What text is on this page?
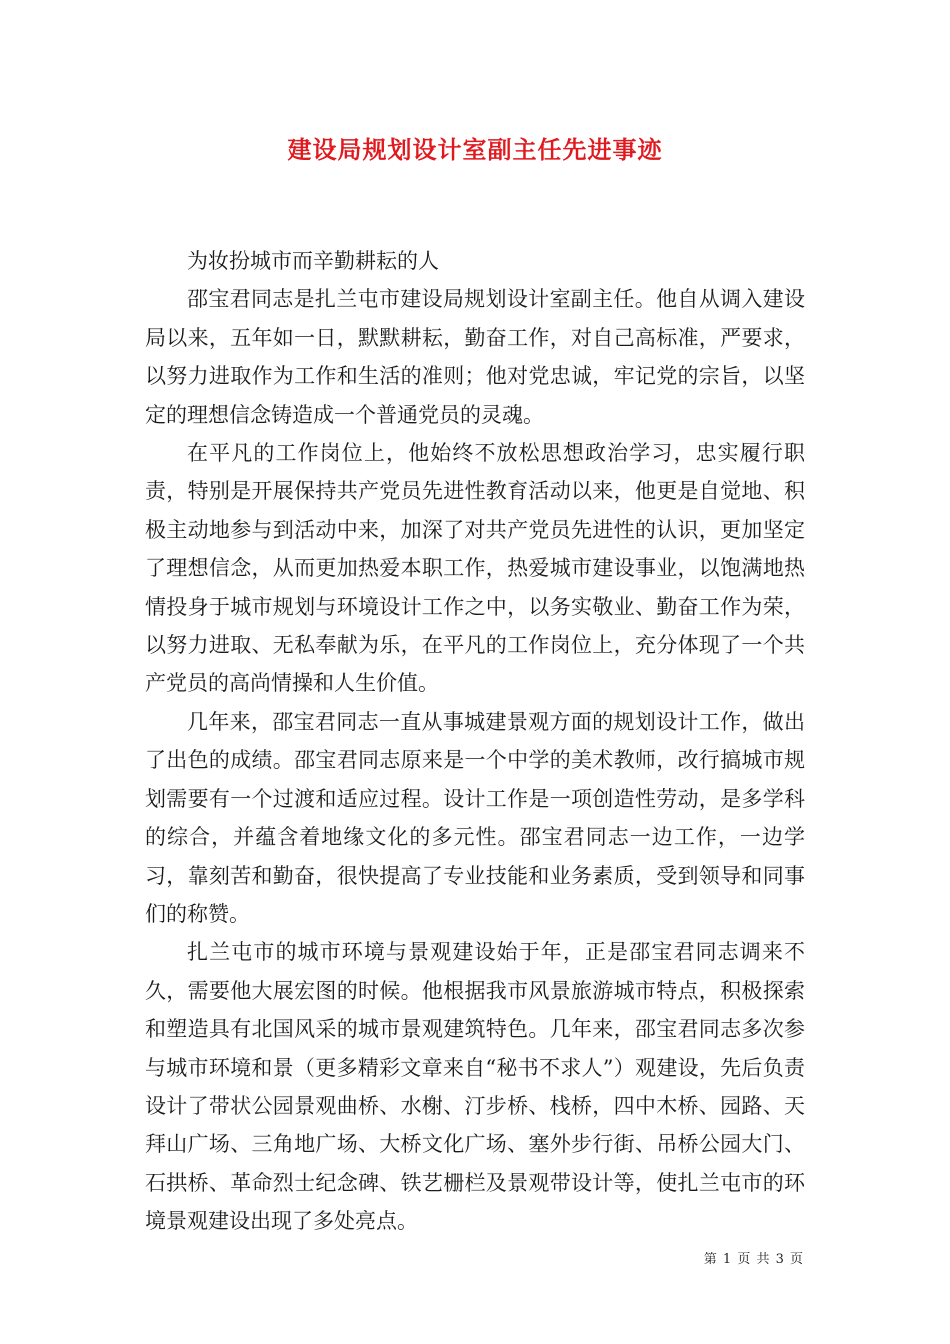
建设局规划设计室副主任先进事迹

为妆扮城市而辛勤耕耘的人

邵宝君同志是扎兰屯市建设局规划设计室副主任。他自从调入建设局以来，五年如一日，默默耕耘，勤奋工作，对自己高标准，严要求，以努力进取作为工作和生活的准则；他对党忠诚，牢记党的宗旨，以坚定的理想信念铸造成一个普通党员的灵魂。

在平凡的工作岗位上，他始终不放松思想政治学习，忠实履行职责，特别是开展保持共产党员先进性教育活动以来，他更是自觉地、积极主动地参与到活动中来，加深了对共产党员先进性的认识，更加坚定了理想信念，从而更加热爱本职工作，热爱城市建设事业，以饱满地热情投身于城市规划与环境设计工作之中，以务实敬业、勤奋工作为荣，以努力进取、无私奉献为乐，在平凡的工作岗位上，充分体现了一个共产党员的高尚情操和人生价值。

几年来，邵宝君同志一直从事城建景观方面的规划设计工作，做出了出色的成绩。邵宝君同志原来是一个中学的美术教师，改行搞城市规划需要有一个过渡和适应过程。设计工作是一项创造性劳动，是多学科的综合，并蕴含着地缘文化的多元性。邵宝君同志一边工作，一边学习，靠刻苦和勤奋，很快提高了专业技能和业务素质，受到领导和同事们的称赞。

扎兰屯市的城市环境与景观建设始于年，正是邵宝君同志调来不久，需要他大展宏图的时候。他根据我市风景旅游城市特点，积极探索和塑造具有北国风采的城市景观建筑特色。几年来，邵宝君同志多次参与城市环境和景（更多精彩文章来自“秘书不求人”）观建设，先后负责设计了带状公园景观曲桥、水榭、汀步桥、栈桥，四中木桥、园路、天拜山广场、三角地广场、大桥文化广场、塞外步行街、吊桥公园大门、石拱桥、革命烈士纪念碑、铁艺栅栏及景观带设计等，使扎兰屯市的环境景观建设出现了多处亮点。

第 1 页 共 3 页
